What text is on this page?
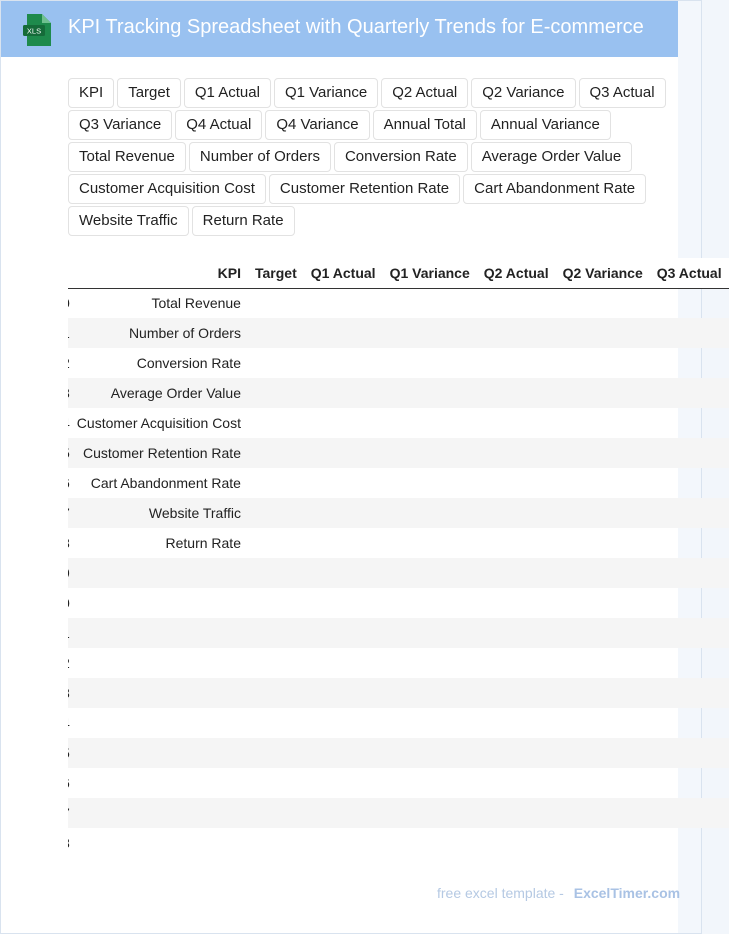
XLS KPI Tracking Spreadsheet with Quarterly Trends for E-commerce
KPI	Target	Q1 Actual	Q1 Variance	Q2 Actual	Q2 Variance	Q3 Actual
Q3 Variance	Q4 Actual	Q4 Variance	Annual Total	Annual Variance
Total Revenue	Number of Orders	Conversion Rate	Average Order Value
Customer Acquisition Cost	Customer Retention Rate	Cart Abandonment Rate
Website Traffic	Return Rate
	KPI	Target	Q1 Actual	Q1 Variance	Q2 Actual	Q2 Variance	Q3 Actual
	Total Revenue						
	Number of Orders						
	Conversion Rate						
	Average Order Value						
	Customer Acquisition Cost						
	Customer Retention Rate						
	Cart Abandonment Rate						
	Website Traffic						
	Return Rate						

free excel template - ExcelTimer.com
